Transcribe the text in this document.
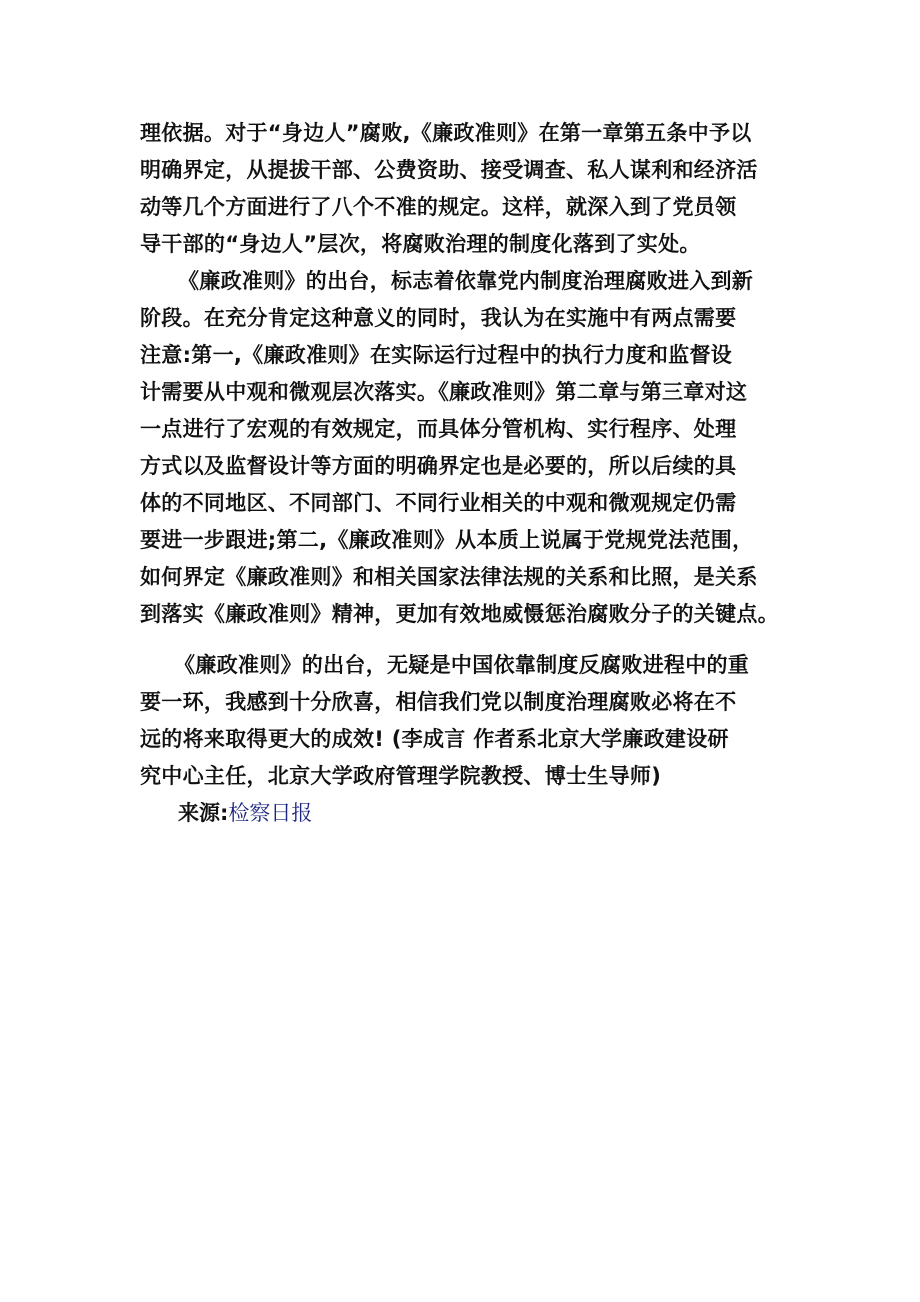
理依据。对于“身边人”腐败,《廉政准则》在第一章第五条中予以
明确界定，从提拔干部、公费资助、接受调查、私人谋利和经济活
动等几个方面进行了八个不准的规定。这样，就深入到了党员领
导干部的“身边人”层次，将腐败治理的制度化落到了实处。
《廉政准则》的出台，标志着依靠党内制度治理腐败进入到新
阶段。在充分肯定这种意义的同时，我认为在实施中有两点需要
注意:第一,《廉政准则》在实际运行过程中的执行力度和监督设
计需要从中观和微观层次落实。《廉政准则》第二章与第三章对这
一点进行了宏观的有效规定，而具体分管机构、实行程序、处理
方式以及监督设计等方面的明确界定也是必要的，所以后续的具
体的不同地区、不同部门、不同行业相关的中观和微观规定仍需
要进一步跟进;第二,《廉政准则》从本质上说属于党规党法范围，
如何界定《廉政准则》和相关国家法律法规的关系和比照，是关系
到落实《廉政准则》精神，更加有效地威慑惩治腐败分子的关键点。
《廉政准则》的出台，无疑是中国依靠制度反腐败进程中的重
要一环，我感到十分欣喜，相信我们党以制度治理腐败必将在不
远的将来取得更大的成效! (李成言 作者系北京大学廉政建设研
究中心主任，北京大学政府管理学院教授、博士生导师)
来源:检察日报
